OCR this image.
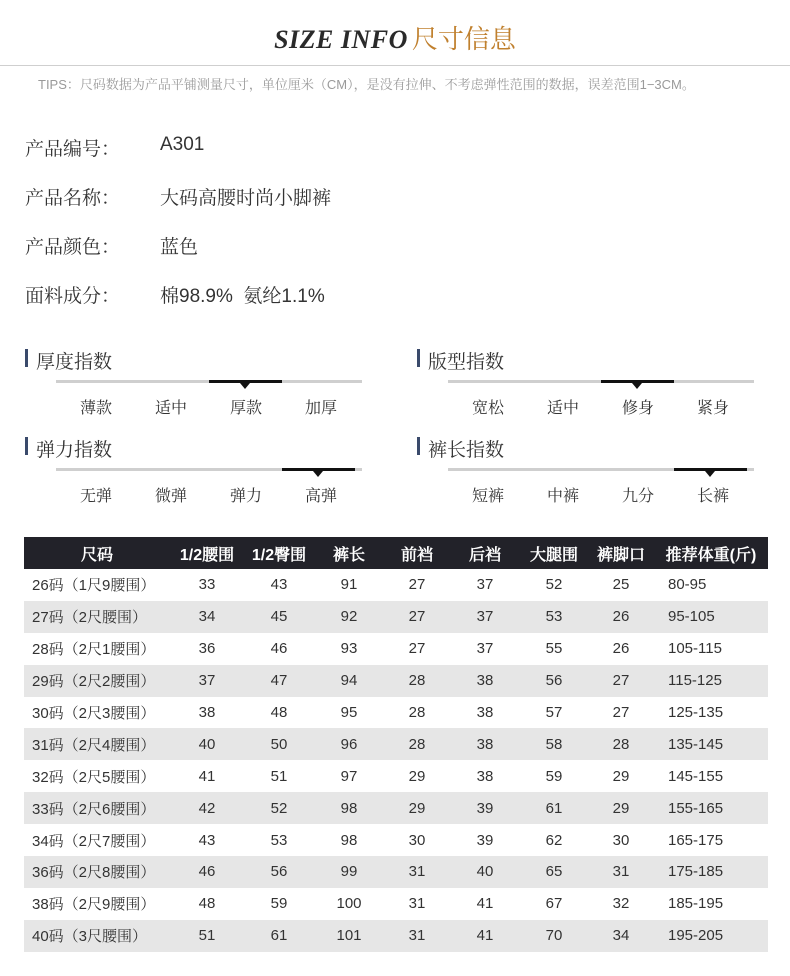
SIZE INFO 尺寸信息
TIPS：尺码数据为产品平铺测量尺寸，单位厘米（CM），是没有拉伸、不考虑弹性范围的数据，误差范围1−3CM。
产品编号： A301
产品名称： 大码高腰时尚小脚裤
产品颜色： 蓝色
面料成分： 棉98.9%  氨纶1.1%
厚度指数
薄款	适中	厚款	加厚
版型指数
宽松	适中	修身	紧身
弹力指数
无弹	微弹	弹力	高弹
裤长指数
短裤	中裤	九分	长裤
尺码	1/2腰围	1/2臀围	裤长	前裆	后裆	大腿围	裤脚口	推荐体重(斤)
26码（1尺9腰围）	33	43	91	27	37	52	25	80-95
27码（2尺腰围）	34	45	92	27	37	53	26	95-105
28码（2尺1腰围）	36	46	93	27	37	55	26	105-115
29码（2尺2腰围）	37	47	94	28	38	56	27	115-125
30码（2尺3腰围）	38	48	95	28	38	57	27	125-135
31码（2尺4腰围）	40	50	96	28	38	58	28	135-145
32码（2尺5腰围）	41	51	97	29	38	59	29	145-155
33码（2尺6腰围）	42	52	98	29	39	61	29	155-165
34码（2尺7腰围）	43	53	98	30	39	62	30	165-175
36码（2尺8腰围）	46	56	99	31	40	65	31	175-185
38码（2尺9腰围）	48	59	100	31	41	67	32	185-195
40码（3尺腰围）	51	61	101	31	41	70	34	195-205
